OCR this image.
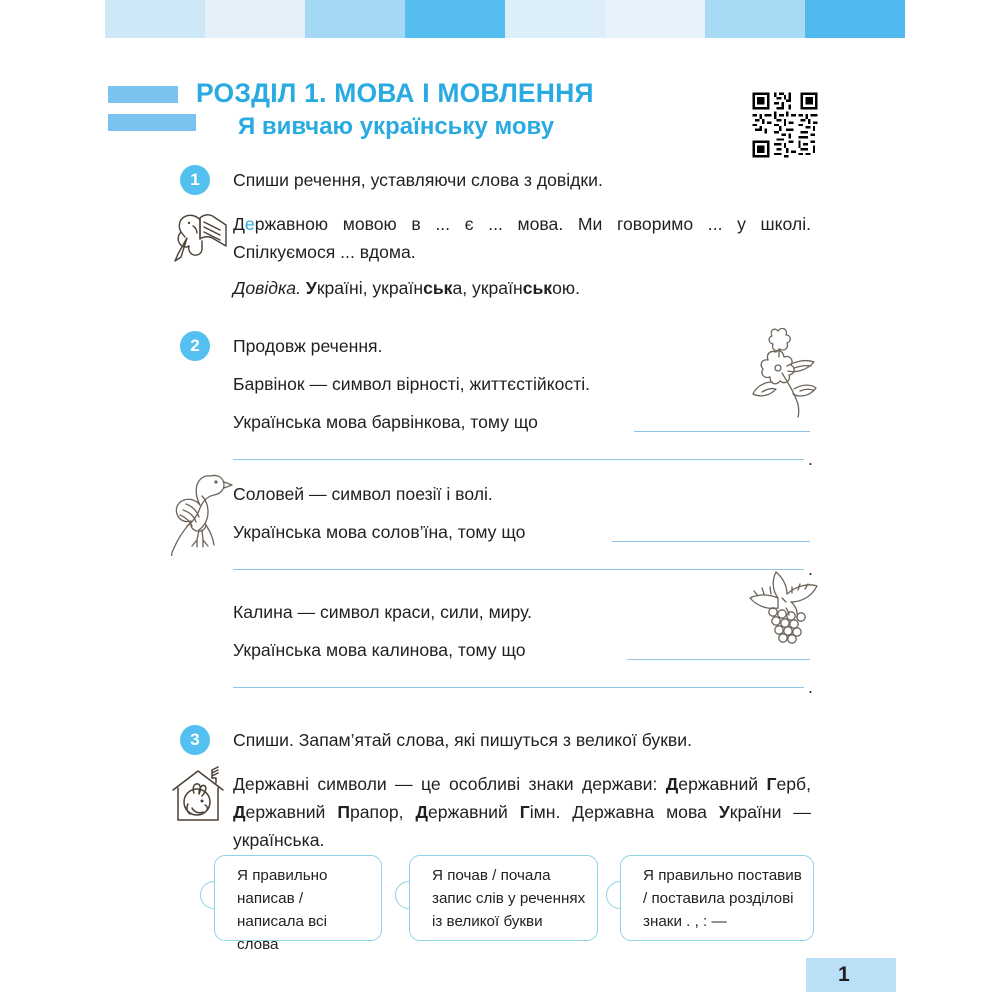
РОЗДІЛ 1. МОВА І МОВЛЕННЯ
Я вивчаю українську мову
1	Спиши речення, уставляючи слова з довідки.
Державною мовою в ... є ... мова. Ми говоримо ... у школі. Спілкуємося ... вдома.
Довідка. Україні, українська, українською.
2	Продовж речення.
Барвінок — символ вірності, життєстійкості.
Українська мова барвінкова, тому що
.
Соловей — символ поезії і волі.
Українська мова солов’їна, тому що
.
Калина — символ краси, сили, миру.
Українська мова калинова, тому що
.
3	Спиши. Запам’ятай слова, які пишуться з великої букви.
Державні символи — це особливі знаки держави: Державний Герб, Державний Прапор, Державний Гімн. Державна мова України — українська.
Я правильно написав / написала всі слова
Я почав / почала запис слів у реченнях із великої букви
Я правильно поставив / поставила розділові знаки . , : —
1
